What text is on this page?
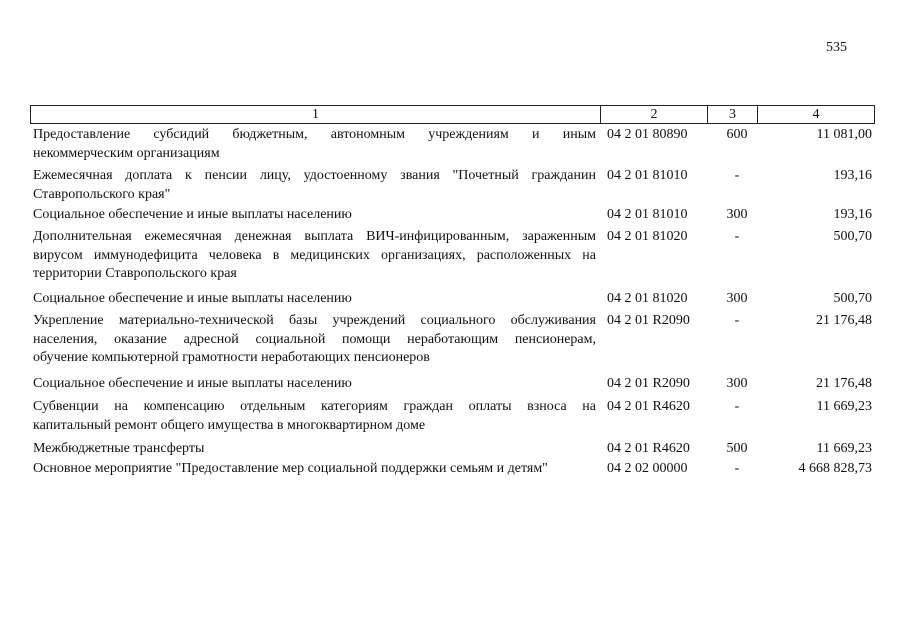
535
1	2	3	4
Предоставление субсидий бюджетным, автономным учреждениям и иным
некоммерческим организациям
04 2 01 80890	600	11 081,00
Ежемесячная доплата к пенсии лицу, удостоенному звания "Почетный гражданин
Ставропольского края"
04 2 01 81010	-	193,16
Социальное обеспечение и иные выплаты населению	04 2 01 81010	300	193,16
Дополнительная ежемесячная денежная выплата ВИЧ-инфицированным, зараженным
вирусом иммунодефицита человека в медицинских организациях, расположенных на
территории Ставропольского края
04 2 01 81020	-	500,70
Социальное обеспечение и иные выплаты населению	04 2 01 81020	300	500,70
Укрепление материально-технической базы учреждений социального обслуживания
населения, оказание адресной социальной помощи неработающим пенсионерам,
обучение компьютерной грамотности неработающих пенсионеров
04 2 01 R2090	-	21 176,48
Социальное обеспечение и иные выплаты населению	04 2 01 R2090	300	21 176,48
Субвенции на компенсацию отдельным категориям граждан оплаты взноса на
капитальный ремонт общего имущества в многоквартирном доме
04 2 01 R4620	-	11 669,23
Межбюджетные трансферты	04 2 01 R4620	500	11 669,23
Основное мероприятие "Предоставление мер социальной поддержки семьям и детям"	04 2 02 00000	-	4 668 828,73
